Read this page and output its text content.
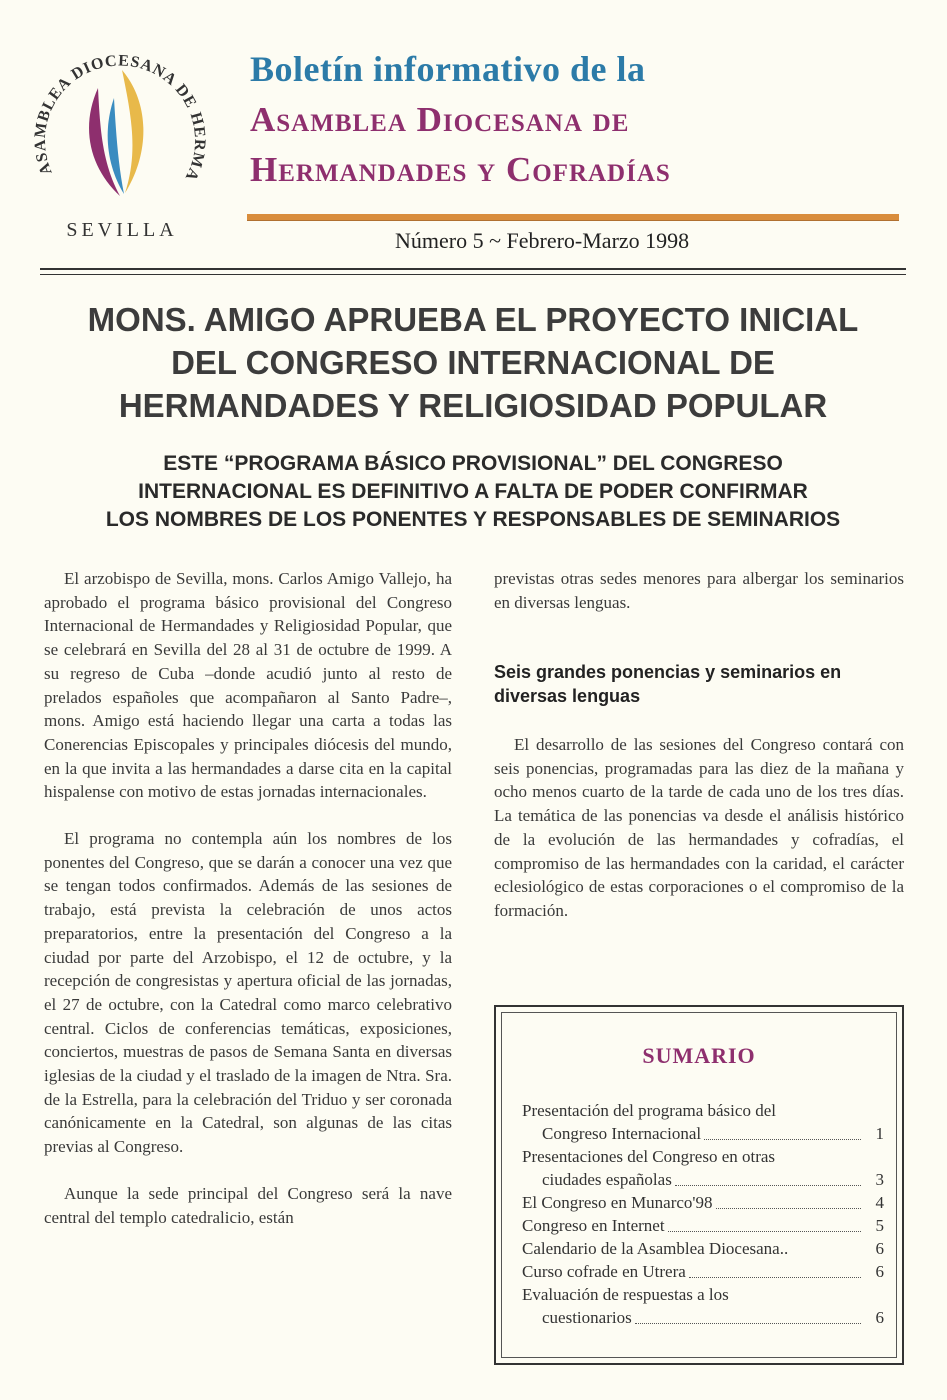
ASAMBLEA DIOCESANA DE HERMA
SEVILLA
Boletín informativo de la
Asamblea Diocesana de
Hermandades y Cofradías
Número 5 ~ Febrero-Marzo 1998
MONS. AMIGO APRUEBA EL PROYECTO INICIAL
DEL CONGRESO INTERNACIONAL DE
HERMANDADES Y RELIGIOSIDAD POPULAR
ESTE “PROGRAMA BÁSICO PROVISIONAL” DEL CONGRESO
INTERNACIONAL ES DEFINITIVO A FALTA DE PODER CONFIRMAR
LOS NOMBRES DE LOS PONENTES Y RESPONSABLES DE SEMINARIOS

El arzobispo de Sevilla, mons. Carlos Amigo Vallejo, ha aprobado el programa básico provisional del Congreso Internacional de Hermandades y Religiosidad Popular, que se celebrará en Sevilla del 28 al 31 de octubre de 1999. A su regreso de Cuba –donde acudió junto al resto de prelados españoles que acompañaron al Santo Padre–, mons. Amigo está haciendo llegar una carta a todas las Conerencias Episcopales y principales diócesis del mundo, en la que invita a las hermandades a darse cita en la capital hispalense con motivo de estas jornadas internacionales.

El programa no contempla aún los nombres de los ponentes del Congreso, que se darán a conocer una vez que se tengan todos confirmados. Además de las sesiones de trabajo, está prevista la celebración de unos actos preparatorios, entre la presentación del Congreso a la ciudad por parte del Arzobispo, el 12 de octubre, y la recepción de congresistas y apertura oficial de las jornadas, el 27 de octubre, con la Catedral como marco celebrativo central. Ciclos de conferencias temáticas, exposiciones, conciertos, muestras de pasos de Semana Santa en diversas iglesias de la ciudad y el traslado de la imagen de Ntra. Sra. de la Estrella, para la celebración del Triduo y ser coronada canónicamente en la Catedral, son algunas de las citas previas al Congreso.

Aunque la sede principal del Congreso será la nave central del templo catedralicio, están

previstas otras sedes menores para albergar los seminarios en diversas lenguas.

Seis grandes ponencias y seminarios en diversas lenguas

El desarrollo de las sesiones del Congreso contará con seis ponencias, programadas para las diez de la mañana y ocho menos cuarto de la tarde de cada uno de los tres días. La temática de las ponencias va desde el análisis histórico de la evolución de las hermandades y cofradías, el compromiso de las hermandades con la caridad, el carácter eclesiológico de estas corporaciones o el compromiso de la formación.

SUMARIO
Presentación del programa básico del
Congreso Internacional	1
Presentaciones del Congreso en otras
ciudades españolas	3
El Congreso en Munarco'98	4
Congreso en Internet	5
Calendario de la Asamblea Diocesana..	6
Curso cofrade en Utrera	6
Evaluación de respuestas a los
cuestionarios	6
